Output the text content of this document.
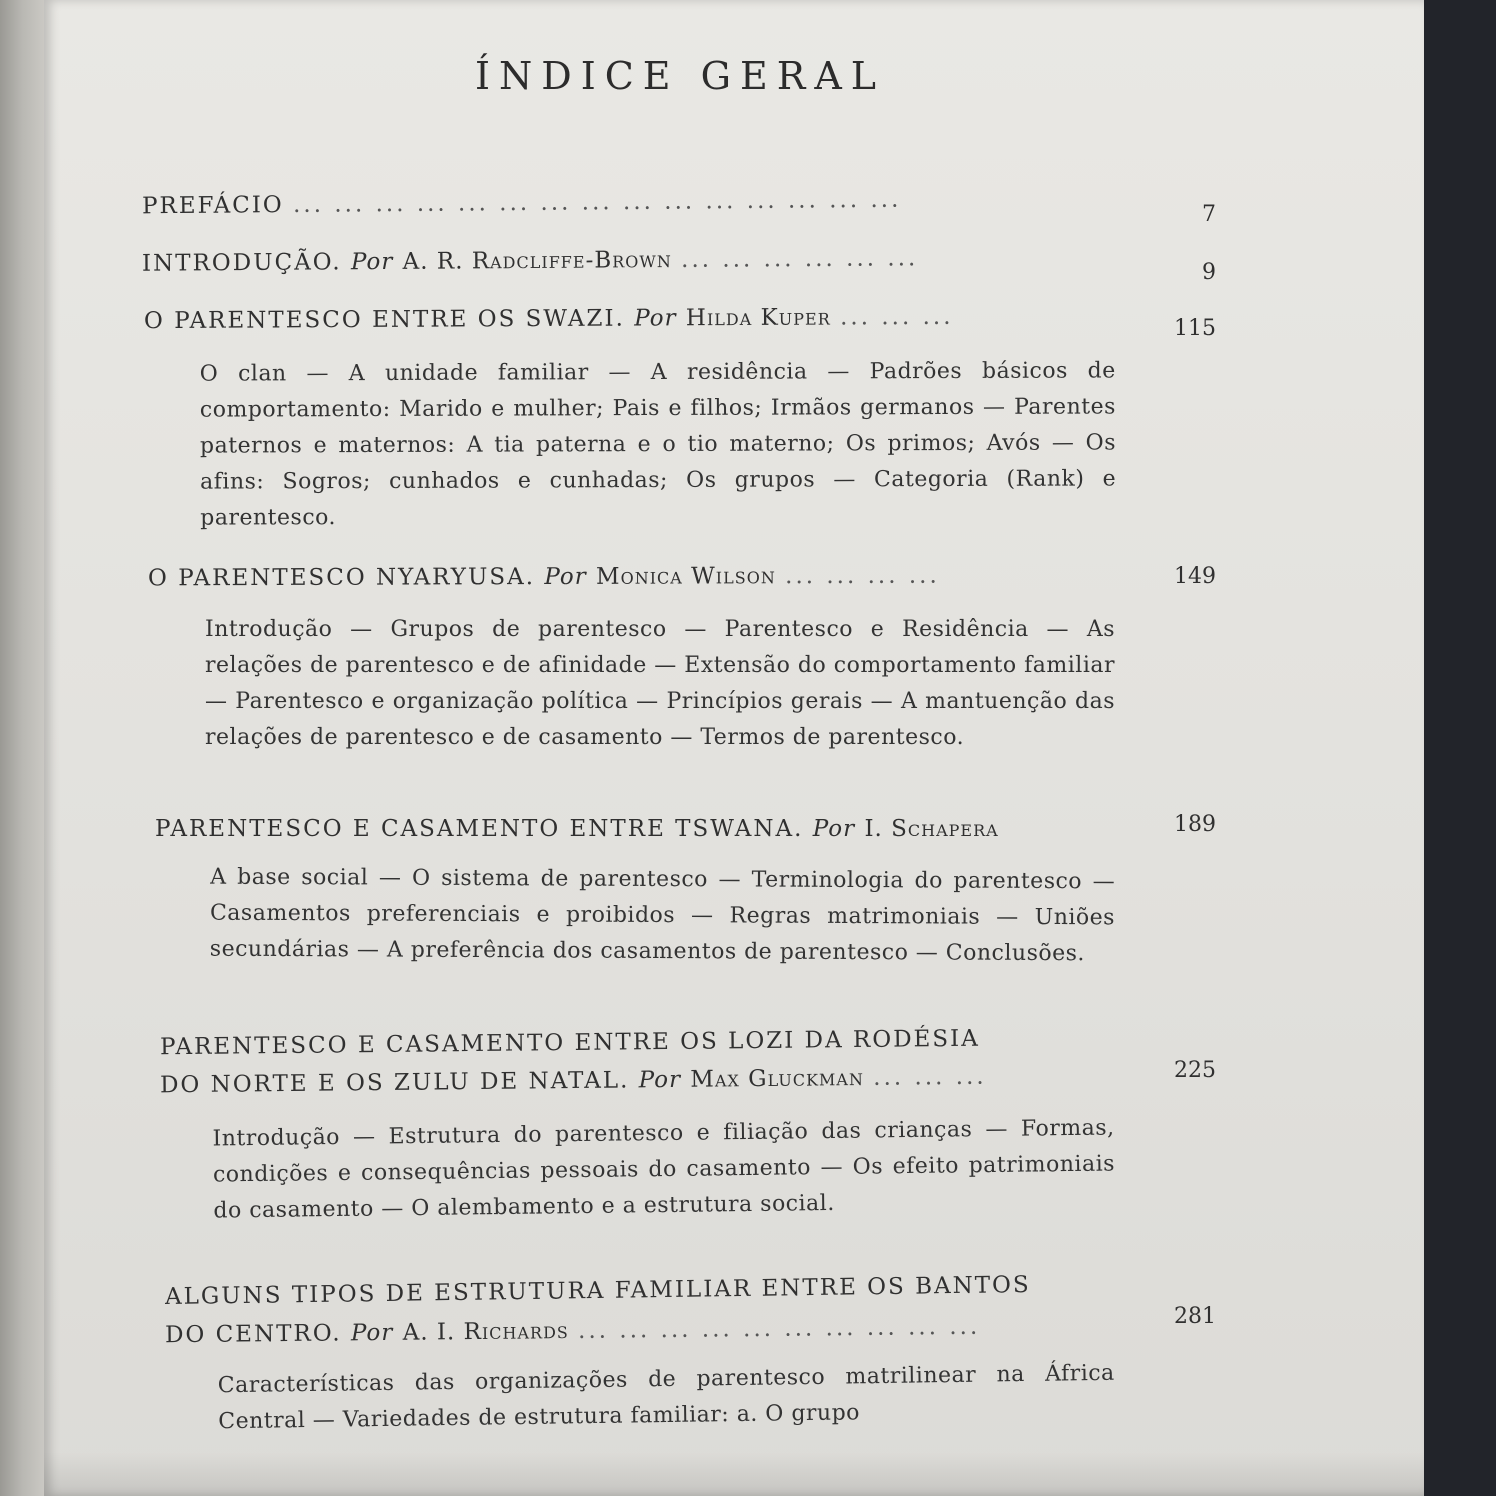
ÍNDICE GERAL
PREFÁCIO ... ... ... ... ... ... ... ... ... ... ... ... ... ... ...	7
INTRODUÇÃO. Por A. R. Radcliffe-Brown ... ... ... ... ... ...	9
O PARENTESCO ENTRE OS SWAZI. Por Hilda Kuper ... ... ...	115
O clan — A unidade familiar — A residência — Padrões básicos de comportamento: Marido e mulher; Pais e filhos; Irmãos germanos — Parentes paternos e maternos: A tia paterna e o tio materno; Os primos; Avós — Os afins: Sogros; cunhados e cunhadas; Os grupos — Categoria (Rank) e parentesco.
O PARENTESCO NYARYUSA. Por Monica Wilson ... ... ... ...	149
Introdução — Grupos de parentesco — Parentesco e Residência — As relações de parentesco e de afinidade — Extensão do comportamento familiar — Parentesco e organização política — Princípios gerais — A mantuenção das relações de parentesco e de casamento — Termos de parentesco.
PARENTESCO E CASAMENTO ENTRE TSWANA. Por I. Schapera	189
A base social — O sistema de parentesco — Terminologia do parentesco — Casamentos preferenciais e proibidos — Regras matrimoniais — Uniões secundárias — A preferência dos casamentos de parentesco — Conclusões.
PARENTESCO E CASAMENTO ENTRE OS LOZI DA RODÉSIA
DO NORTE E OS ZULU DE NATAL. Por Max Gluckman ... ... ...	225
Introdução — Estrutura do parentesco e filiação das crianças — Formas, condições e consequências pessoais do casamento — Os efeito patrimoniais do casamento — O alembamento e a estrutura social.
ALGUNS TIPOS DE ESTRUTURA FAMILIAR ENTRE OS BANTOS
DO CENTRO. Por A. I. Richards ... ... ... ... ... ... ... ... ... ...	281
Características das organizações de parentesco matrilinear na África Central — Variedades de estrutura familiar: a. O grupo
